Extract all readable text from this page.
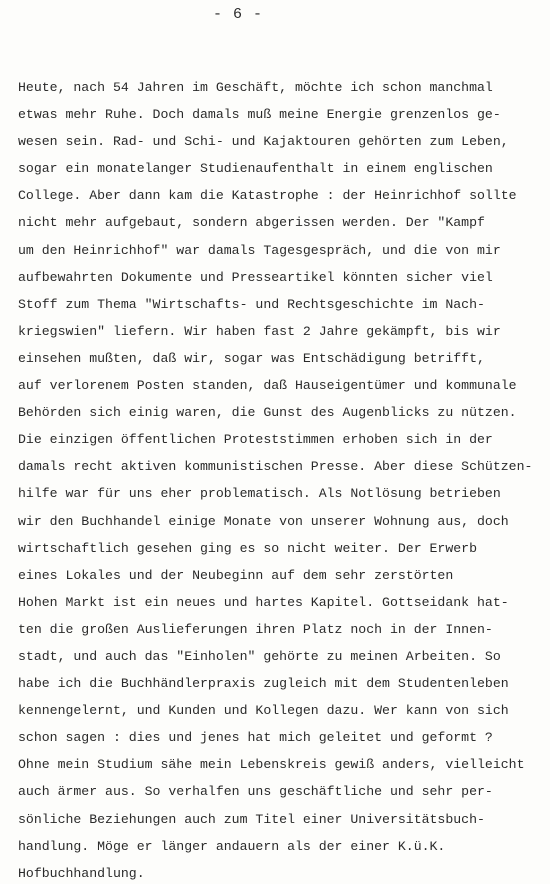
- 6 -
Heute, nach 54 Jahren im Geschäft, möchte ich schon manchmal
etwas mehr Ruhe. Doch damals muß meine Energie grenzenlos ge-
wesen sein. Rad- und Schi- und Kajaktouren gehörten zum Leben,
sogar ein monatelanger Studienaufenthalt in einem englischen
College. Aber dann kam die Katastrophe : der Heinrichhof sollte
nicht mehr aufgebaut, sondern abgerissen werden. Der "Kampf
um den Heinrichhof" war damals Tagesgespräch, und die von mir
aufbewahrten Dokumente und Presseartikel könnten sicher viel
Stoff zum Thema "Wirtschafts- und Rechtsgeschichte im Nach-
kriegswien" liefern. Wir haben fast 2 Jahre gekämpft, bis wir
einsehen mußten, daß wir, sogar was Entschädigung betrifft,
auf verlorenem Posten standen, daß Hauseigentümer und kommunale
Behörden sich einig waren, die Gunst des Augenblicks zu nützen.
Die einzigen öffentlichen Proteststimmen erhoben sich in der
damals recht aktiven kommunistischen Presse. Aber diese Schützen-
hilfe war für uns eher problematisch. Als Notlösung betrieben
wir den Buchhandel einige Monate von unserer Wohnung aus, doch
wirtschaftlich gesehen ging es so nicht weiter. Der Erwerb
eines Lokales und der Neubeginn auf dem sehr zerstörten
Hohen Markt ist ein neues und hartes Kapitel. Gottseidank hat-
ten die großen Auslieferungen ihren Platz noch in der Innen-
stadt, und auch das "Einholen" gehörte zu meinen Arbeiten. So
habe ich die Buchhändlerpraxis zugleich mit dem Studentenleben
kennengelernt, und Kunden und Kollegen dazu. Wer kann von sich
schon sagen : dies und jenes hat mich geleitet und geformt ?
Ohne mein Studium sähe mein Lebenskreis gewiß anders, vielleicht
auch ärmer aus. So verhalfen uns geschäftliche und sehr per-
sönliche Beziehungen auch zum Titel einer Universitätsbuch-
handlung. Möge er länger andauern als der einer K.ü.K.
Hofbuchhandlung.
